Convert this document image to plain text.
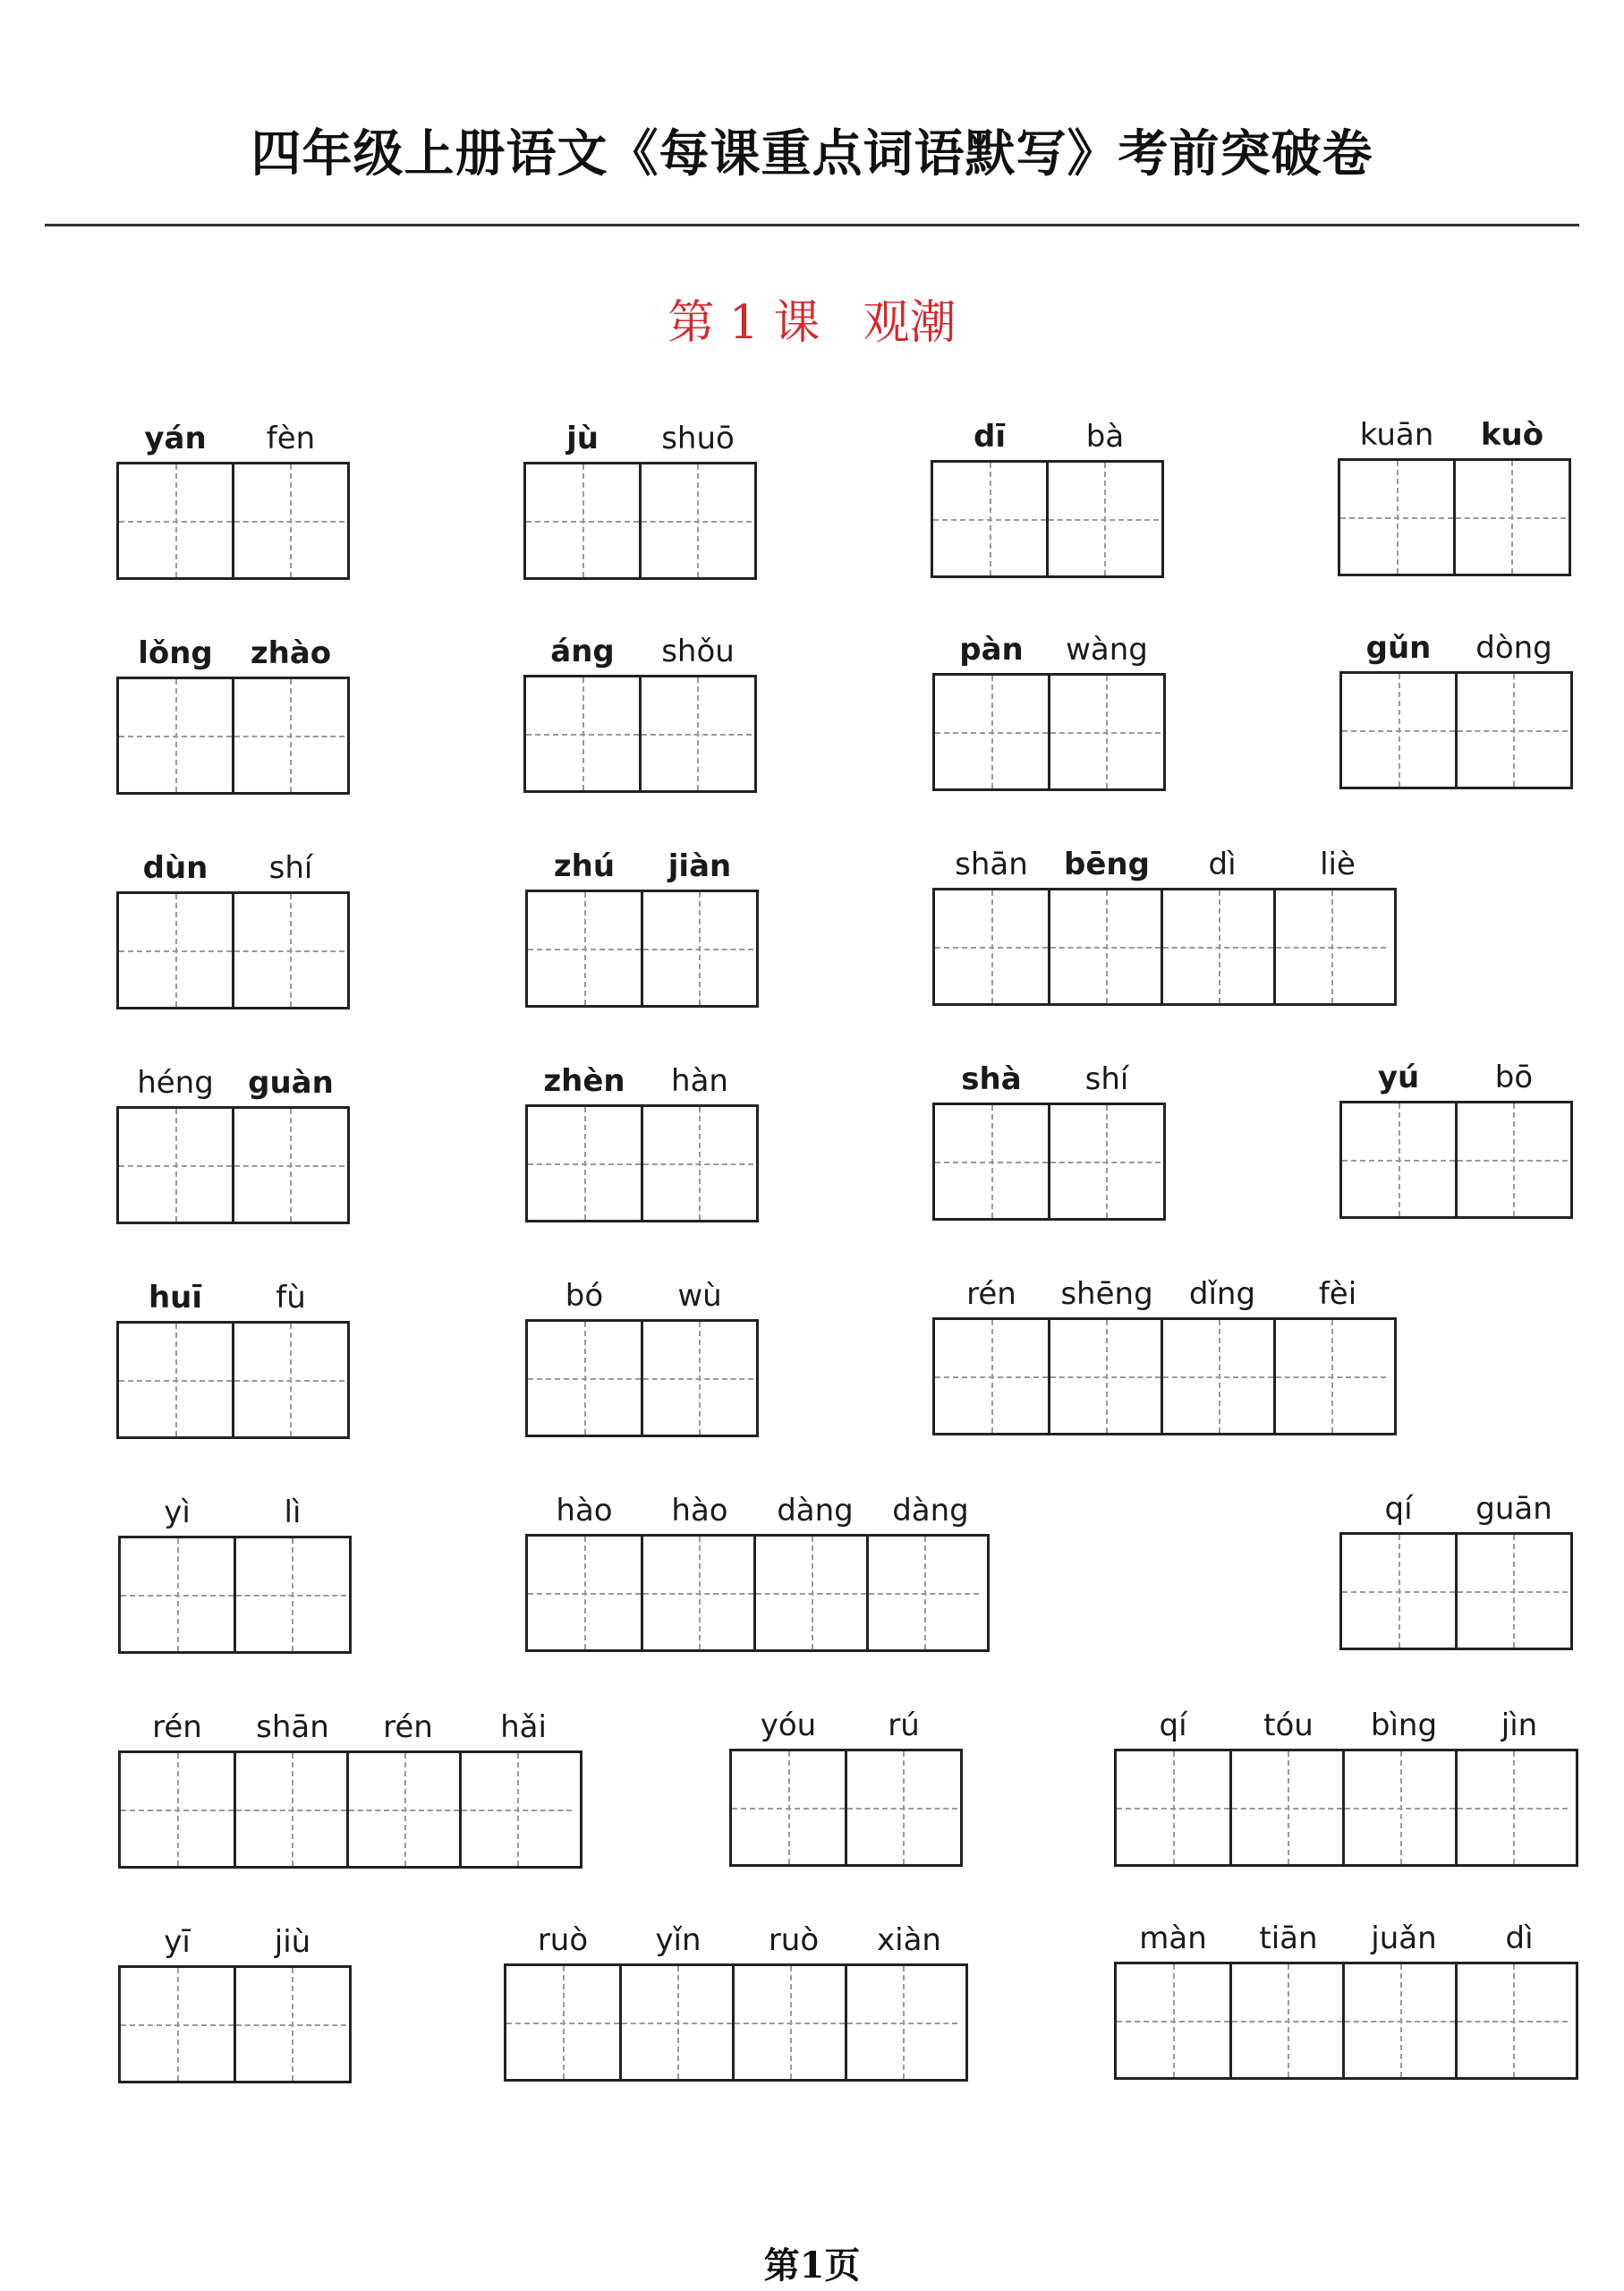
四年级上册语文《每课重点词语默写》考前突破卷
第 1 课 观潮
yán	fèn	jù	shuō	dī	bà	kuān	kuò
lǒng	zhào	áng	shǒu	pàn	wàng	gǔn	dòng
dùn	shí	zhú	jiàn	shān	bēng	dì	liè
héng	guàn	zhèn	hàn	shà	shí	yú	bō
huī	fù	bó	wù	rén	shēng	dǐng	fèi
yì	lì	hào	hào	dàng	dàng	qí	guān
rén	shān	rén	hǎi	yóu	rú	qí	tóu	bìng	jìn
yī	jiù	ruò	yǐn	ruò	xiàn	màn	tiān	juǎn	dì
第1页
